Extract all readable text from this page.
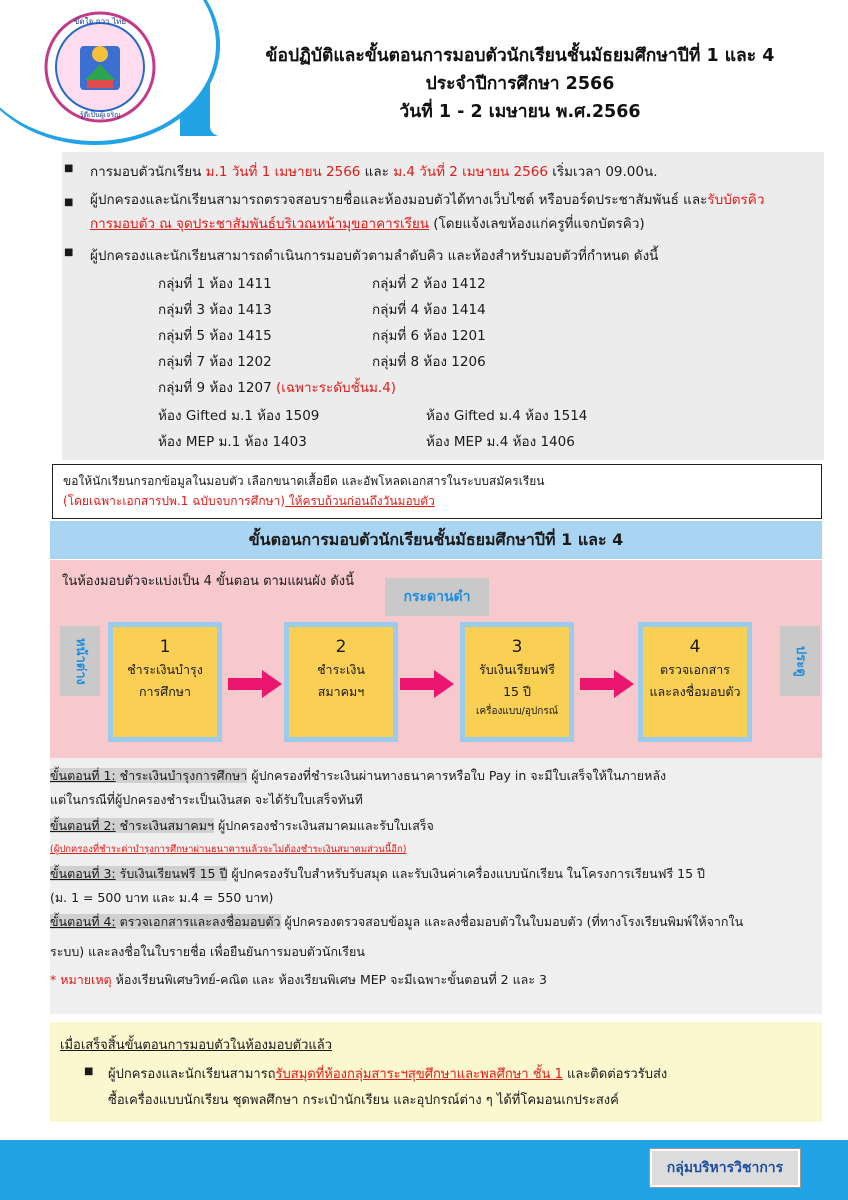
ขัดใจ กวา ไทย
รู้ดีเป็นผู้เจริญ
ข้อปฏิบัติและขั้นตอนการมอบตัวนักเรียนชั้นมัธยมศึกษาปีที่ 1 และ 4
ประจำปีการศึกษา 2566
วันที่ 1 - 2 เมษายน พ.ศ.2566
■ การมอบตัวนักเรียน ม.1 วันที่ 1 เมษายน 2566 และ ม.4 วันที่ 2 เมษายน 2566 เริ่มเวลา 09.00น.
■ ผู้ปกครองและนักเรียนสามารถตรวจสอบรายชื่อและห้องมอบตัวได้ทางเว็บไซต์ หรือบอร์ดประชาสัมพันธ์ และรับบัตรคิว
การมอบตัว ณ จุดประชาสัมพันธ์บริเวณหน้ามุขอาคารเรียน (โดยแจ้งเลขห้องแก่ครูที่แจกบัตรคิว)
■ ผู้ปกครองและนักเรียนสามารถดำเนินการมอบตัวตามลำดับคิว และห้องสำหรับมอบตัวที่กำหนด ดังนี้
กลุ่มที่ 1 ห้อง 1411	กลุ่มที่ 2 ห้อง 1412
กลุ่มที่ 3 ห้อง 1413	กลุ่มที่ 4 ห้อง 1414
กลุ่มที่ 5 ห้อง 1415	กลุ่มที่ 6 ห้อง 1201
กลุ่มที่ 7 ห้อง 1202	กลุ่มที่ 8 ห้อง 1206
กลุ่มที่ 9 ห้อง 1207 (เฉพาะระดับชั้นม.4)
ห้อง Gifted ม.1 ห้อง 1509	ห้อง Gifted ม.4 ห้อง 1514
ห้อง MEP ม.1 ห้อง 1403	ห้อง MEP ม.4 ห้อง 1406
ขอให้นักเรียนกรอกข้อมูลในมอบตัว เลือกขนาดเสื้อยืด และอัพโหลดเอกสารในระบบสมัครเรียน
(โดยเฉพาะเอกสารปพ.1 ฉบับจบการศึกษา) ให้ครบถ้วนก่อนถึงวันมอบตัว
ขั้นตอนการมอบตัวนักเรียนชั้นมัธยมศึกษาปีที่ 1 และ 4
ในห้องมอบตัวจะแบ่งเป็น 4 ขั้นตอน ตามแผนผัง ดังนี้
กระดานดำ
หน้าต่าง	ประตู
1
ชำระเงินบำรุง
การศึกษา
2
ชำระเงิน
สมาคมฯ
3
รับเงินเรียนฟรี
15 ปี
เครื่องแบบ/อุปกรณ์
4
ตรวจเอกสาร
และลงชื่อมอบตัว

ขั้นตอนที่ 1: ชำระเงินบำรุงการศึกษา ผู้ปกครองที่ชำระเงินผ่านทางธนาคารหรือใบ Pay in จะมีใบเสร็จให้ในภายหลัง

แต่ในกรณีที่ผู้ปกครองชำระเป็นเงินสด จะได้รับใบเสร็จทันที

ขั้นตอนที่ 2: ชำระเงินสมาคมฯ ผู้ปกครองชำระเงินสมาคมและรับใบเสร็จ

(ผู้ปกครองที่ชำระค่าบำรุงการศึกษาผ่านธนาคารแล้วจะไม่ต้องชำระเงินสมาคมส่วนนี้อีก)

ขั้นตอนที่ 3: รับเงินเรียนฟรี 15 ปี ผู้ปกครองรับใบสำหรับรับสมุด และรับเงินค่าเครื่องแบบนักเรียน ในโครงการเรียนฟรี 15 ปี

(ม. 1 = 500 บาท และ ม.4 = 550 บาท)

ขั้นตอนที่ 4: ตรวจเอกสารและลงชื่อมอบตัว ผู้ปกครองตรวจสอบข้อมูล และลงชื่อมอบตัวในใบมอบตัว (ที่ทางโรงเรียนพิมพ์ให้จากใน

ระบบ) และลงชื่อในใบรายชื่อ เพื่อยืนยันการมอบตัวนักเรียน

* หมายเหตุ ห้องเรียนพิเศษวิทย์-คณิต และ ห้องเรียนพิเศษ MEP จะมีเฉพาะขั้นตอนที่ 2 และ 3

เมื่อเสร็จสิ้นขั้นตอนการมอบตัวในห้องมอบตัวแล้ว
■ ผู้ปกครองและนักเรียนสามารถรับสมุดที่ห้องกลุ่มสาระฯสุขศึกษาและพลศึกษา ชั้น 1 และติดต่อรวรับส่ง
ซื้อเครื่องแบบนักเรียน ชุดพลศึกษา กระเป๋านักเรียน และอุปกรณ์ต่าง ๆ ได้ที่โคมอนเกประสงค์
กลุ่มบริหารวิชาการ
